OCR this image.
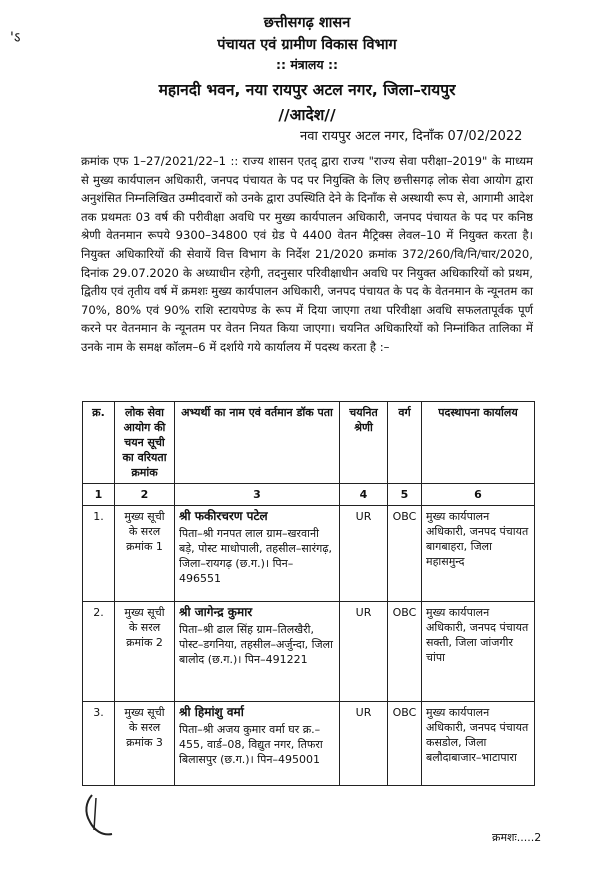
'ऽ
छत्तीसगढ़ शासन
पंचायत एवं ग्रामीण विकास विभाग
:: मंत्रालय ::
महानदी भवन, नया रायपुर अटल नगर, जिला–रायपुर
//आदेश//
नवा रायपुर अटल नगर, दिनाँक 07/02/2022
क्रमांक एफ 1–27/2021/22–1 :: राज्य शासन एतद् द्वारा राज्य "राज्य सेवा परीक्षा–2019" के माध्यम से मुख्य कार्यपालन अधिकारी, जनपद पंचायत के पद पर नियुक्ति के लिए छत्तीसगढ़ लोक सेवा आयोग द्वारा अनुशंसित निम्नलिखित उम्मीदवारों को उनके द्वारा उपस्थिति देने के दिनाँक से अस्थायी रूप से, आगामी आदेश तक प्रथमतः 03 वर्ष की परीवीक्षा अवधि पर मुख्य कार्यपालन अधिकारी, जनपद पंचायत के पद पर कनिष्ठ श्रेणी वेतनमान रूपये 9300–34800 एवं ग्रेड पे 4400 वेतन मैट्रिक्स लेवल–10 में नियुक्त करता है। नियुक्त अधिकारियों की सेवायें वित्त विभाग के निर्देश 21/2020 क्रमांक 372/260/वि/नि/चार/2020, दिनांक 29.07.2020 के अध्याधीन रहेगी, तदनुसार परिवीक्षाधीन अवधि पर नियुक्त अधिकारियों को प्रथम, द्वितीय एवं तृतीय वर्ष में क्रमशः मुख्य कार्यपालन अधिकारी, जनपद पंचायत के पद के वेतनमान के न्यूनतम का 70%, 80% एवं 90% राशि स्टायपेण्ड के रूप में दिया जाएगा तथा परिवीक्षा अवधि सफलतापूर्वक पूर्ण करने पर वेतनमान के न्यूनतम पर वेतन नियत किया जाएगा। चयनित अधिकारियों को निम्नांकित तालिका में उनके नाम के समक्ष कॉलम–6 में दर्शाये गये कार्यालय में पदस्थ करता है :–
क्र.	लोक सेवा आयोग की चयन सूची का वरियता क्रमांक	अभ्यर्थी का नाम एवं वर्तमान डॉक पता	चयनित श्रेणी	वर्ग	पदस्थापना कार्यालय
1	2	3	4	5	6
1.	मुख्य सूची के सरल क्रमांक 1	श्री फकीरचरण पटेल
पिता–श्री गनपत लाल ग्राम–खरवानी बड़े, पोस्ट माधोपाली, तहसील–सारंगढ़, जिला–रायगढ़ (छ.ग.)। पिन–496551	UR	OBC	मुख्य कार्यपालन अधिकारी, जनपद पंचायत बागबाहरा, जिला महासमुन्द
2.	मुख्य सूची के सरल क्रमांक 2	श्री जागेन्द्र कुमार
पिता–श्री ढाल सिंह ग्राम–तिलखैरी, पोस्ट–डगनिया, तहसील–अर्जुन्दा, जिला बालोद (छ.ग.)। पिन–491221	UR	OBC	मुख्य कार्यपालन अधिकारी, जनपद पंचायत सक्ती, जिला जांजगीर चांपा
3.	मुख्य सूची के सरल क्रमांक 3	श्री हिमांशु वर्मा
पिता–श्री अजय कुमार वर्मा घर क्र.–455, वार्ड–08, विद्युत नगर, तिफरा बिलासपुर (छ.ग.)। पिन–495001	UR	OBC	मुख्य कार्यपालन अधिकारी, जनपद पंचायत कसडोल, जिला बलौदाबाजार–भाटापारा
क्रमशः.....2
